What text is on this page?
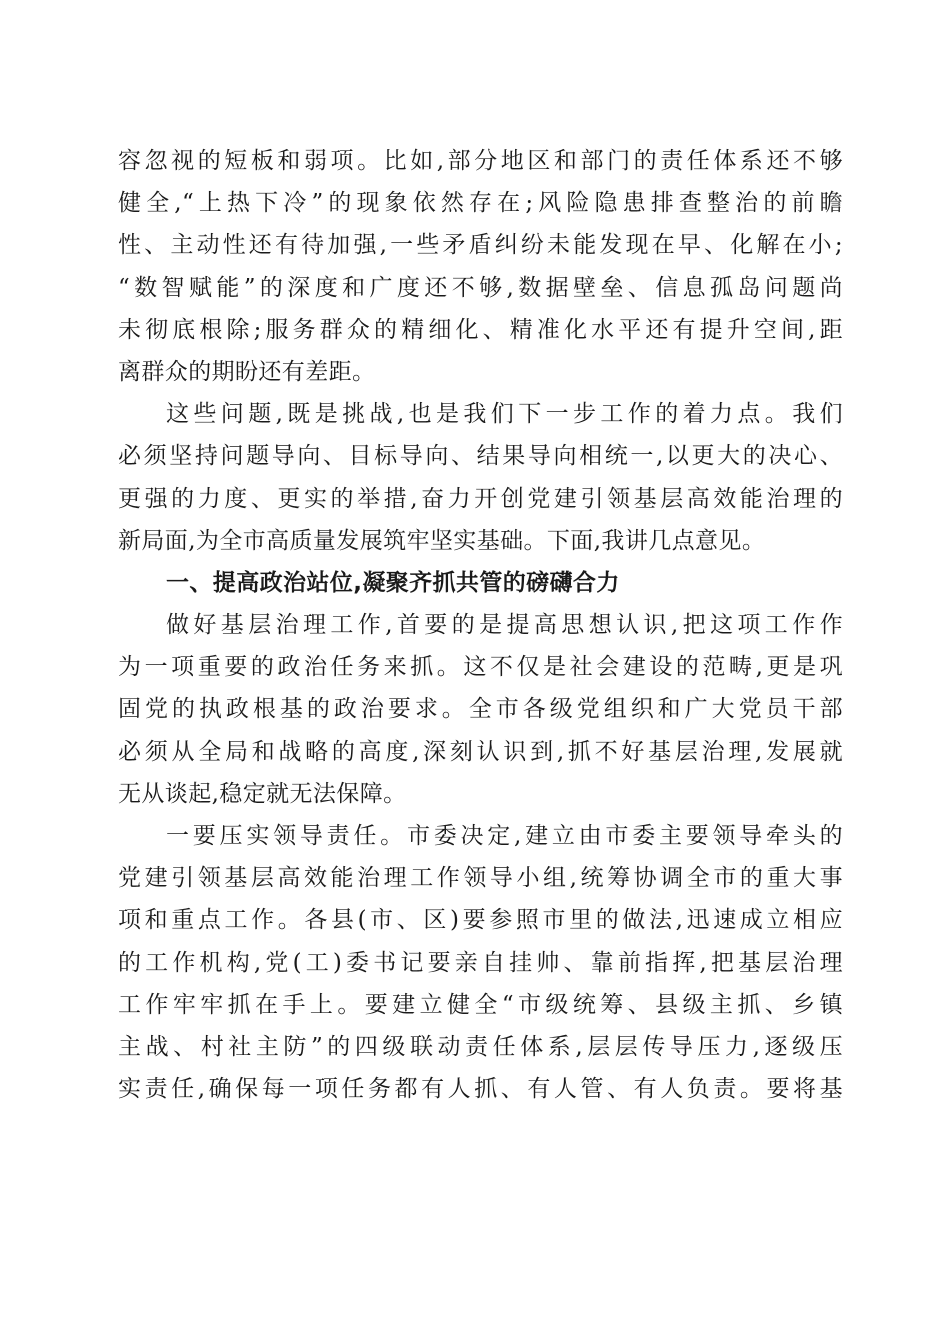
容忽视的短板和弱项。比如,部分地区和部门的责任体系还不够
健全,“上热下冷”的现象依然存在;风险隐患排查整治的前瞻
性、主动性还有待加强,一些矛盾纠纷未能发现在早、化解在小;
“数智赋能”的深度和广度还不够,数据壁垒、信息孤岛问题尚
未彻底根除;服务群众的精细化、精准化水平还有提升空间,距
离群众的期盼还有差距。
这些问题,既是挑战,也是我们下一步工作的着力点。我们
必须坚持问题导向、目标导向、结果导向相统一,以更大的决心、
更强的力度、更实的举措,奋力开创党建引领基层高效能治理的
新局面,为全市高质量发展筑牢坚实基础。下面,我讲几点意见。
一、提高政治站位,凝聚齐抓共管的磅礴合力
做好基层治理工作,首要的是提高思想认识,把这项工作作
为一项重要的政治任务来抓。这不仅是社会建设的范畴,更是巩
固党的执政根基的政治要求。全市各级党组织和广大党员干部
必须从全局和战略的高度,深刻认识到,抓不好基层治理,发展就
无从谈起,稳定就无法保障。
一要压实领导责任。市委决定,建立由市委主要领导牵头的
党建引领基层高效能治理工作领导小组,统筹协调全市的重大事
项和重点工作。各县(市、区)要参照市里的做法,迅速成立相应
的工作机构,党(工)委书记要亲自挂帅、靠前指挥,把基层治理
工作牢牢抓在手上。要建立健全“市级统筹、县级主抓、乡镇
主战、村社主防”的四级联动责任体系,层层传导压力,逐级压
实责任,确保每一项任务都有人抓、有人管、有人负责。要将基
